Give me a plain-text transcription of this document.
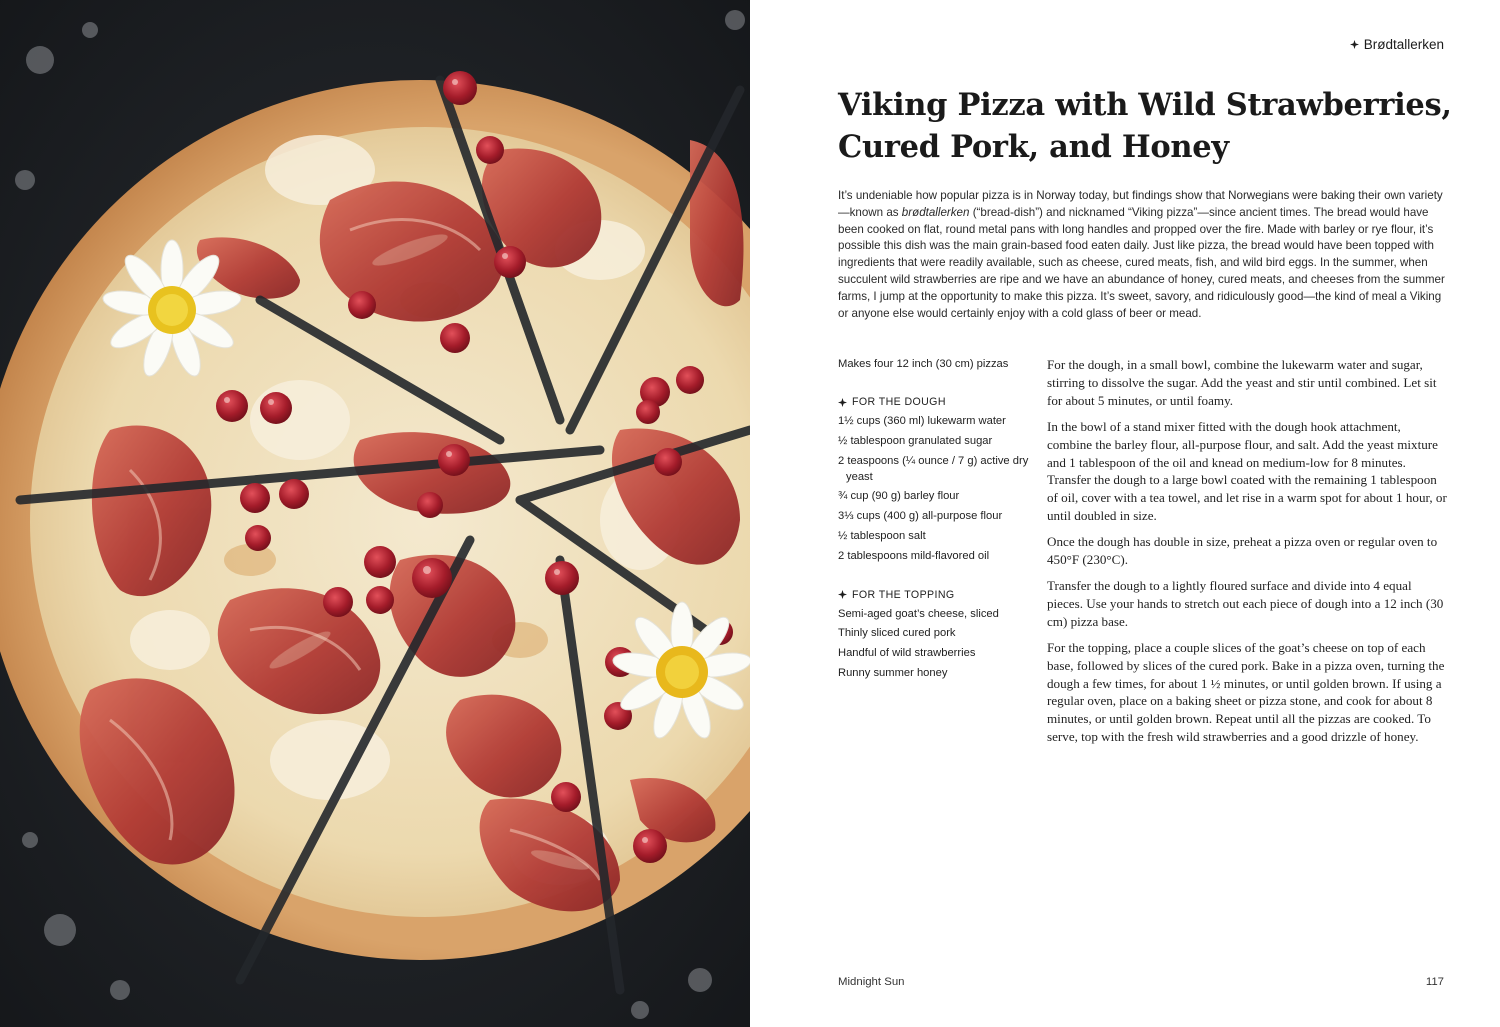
Brødtallerken
Viking Pizza with Wild Strawberries,
Cured Pork, and Honey

It’s undeniable how popular pizza is in Norway today, but findings show that Norwegians were baking their own variety—known as brødtallerken (“bread-dish”) and nicknamed “Viking pizza”—since ancient times. The bread would have been cooked on flat, round metal pans with long handles and propped over the fire. Made with barley or rye flour, it’s possible this dish was the main grain-based food eaten daily. Just like pizza, the bread would have been topped with ingredients that were readily available, such as cheese, cured meats, fish, and wild bird eggs. In the summer, when succulent wild strawberries are ripe and we have an abundance of honey, cured meats, and cheeses from the summer farms, I jump at the opportunity to make this pizza. It’s sweet, savory, and ridiculously good—the kind of meal a Viking or anyone else would certainly enjoy with a cold glass of beer or mead.

Makes four 12 inch (30 cm) pizzas
FOR THE DOUGH
1½ cups (360 ml) lukewarm water
½ tablespoon granulated sugar
2 teaspoons (¼ ounce / 7 g) active dry yeast
¾ cup (90 g) barley flour
3⅓ cups (400 g) all-purpose flour
½ tablespoon salt
2 tablespoons mild-flavored oil
FOR THE TOPPING
Semi-aged goat’s cheese, sliced
Thinly sliced cured pork
Handful of wild strawberries
Runny summer honey

For the dough, in a small bowl, combine the lukewarm water and sugar, stirring to dissolve the sugar. Add the yeast and stir until combined. Let sit for about 5 minutes, or until foamy.

In the bowl of a stand mixer fitted with the dough hook attachment, combine the barley flour, all-purpose flour, and salt. Add the yeast mixture and 1 tablespoon of the oil and knead on medium-low for 8 minutes. Transfer the dough to a large bowl coated with the remaining 1 tablespoon of oil, cover with a tea towel, and let rise in a warm spot for about 1 hour, or until doubled in size.

Once the dough has double in size, preheat a pizza oven or regular oven to 450°F (230°C).

Transfer the dough to a lightly floured surface and divide into 4 equal pieces. Use your hands to stretch out each piece of dough into a 12 inch (30 cm) pizza base.

For the topping, place a couple slices of the goat’s cheese on top of each base, followed by slices of the cured pork. Bake in a pizza oven, turning the dough a few times, for about 1 ½ minutes, or until golden brown. If using a regular oven, place on a baking sheet or pizza stone, and cook for about 8 minutes, or until golden brown. Repeat until all the pizzas are cooked. To serve, top with the fresh wild strawberries and a good drizzle of honey.

Midnight Sun	117
